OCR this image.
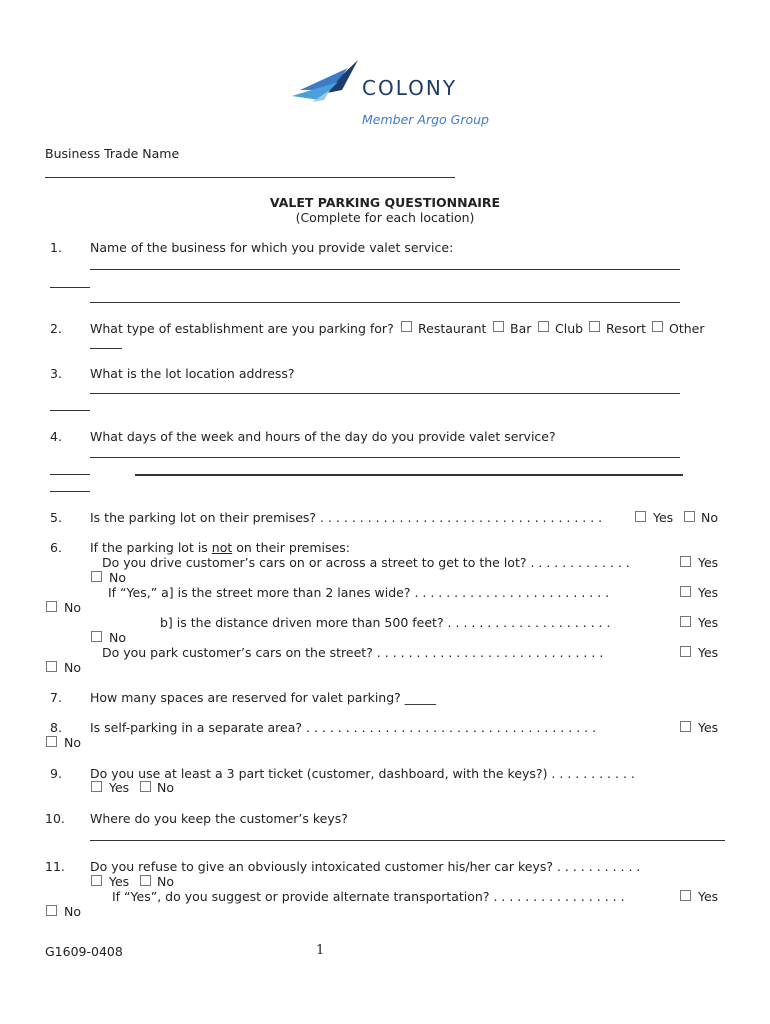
COLONY
Member Argo Group
Business Trade Name
VALET PARKING QUESTIONNAIRE
(Complete for each location)
1. Name of the business for which you provide valet service:
2. What type of establishment are you parking for? Restaurant Bar Club Resort Other
3. What is the lot location address?
4. What days of the week and hours of the day do you provide valet service?
5. Is the parking lot on their premises? . . . . . . . . . . . . . . . . . . . . . . . . . . . . . . . . . . . .	Yes No
6. If the parking lot is not on their premises:
Do you drive customer’s cars on or across a street to get to the lot? . . . . . . . . . . . . .	Yes
No
If “Yes,” a] is the street more than 2 lanes wide? . . . . . . . . . . . . . . . . . . . . . . . . .	Yes
No
b] is the distance driven more than 500 feet? . . . . . . . . . . . . . . . . . . . . .	Yes
No
Do you park customer’s cars on the street? . . . . . . . . . . . . . . . . . . . . . . . . . . . . .	Yes
No
7. How many spaces are reserved for valet parking? _____
8. Is self-parking in a separate area? . . . . . . . . . . . . . . . . . . . . . . . . . . . . . . . . . . . . .	Yes
No
9. Do you use at least a 3 part ticket (customer, dashboard, with the keys?) . . . . . . . . . . .
Yes No
10. Where do you keep the customer’s keys?
11. Do you refuse to give an obviously intoxicated customer his/her car keys? . . . . . . . . . . .
Yes No
If “Yes”, do you suggest or provide alternate transportation? . . . . . . . . . . . . . . . . .	Yes
No
G1609-0408	1
